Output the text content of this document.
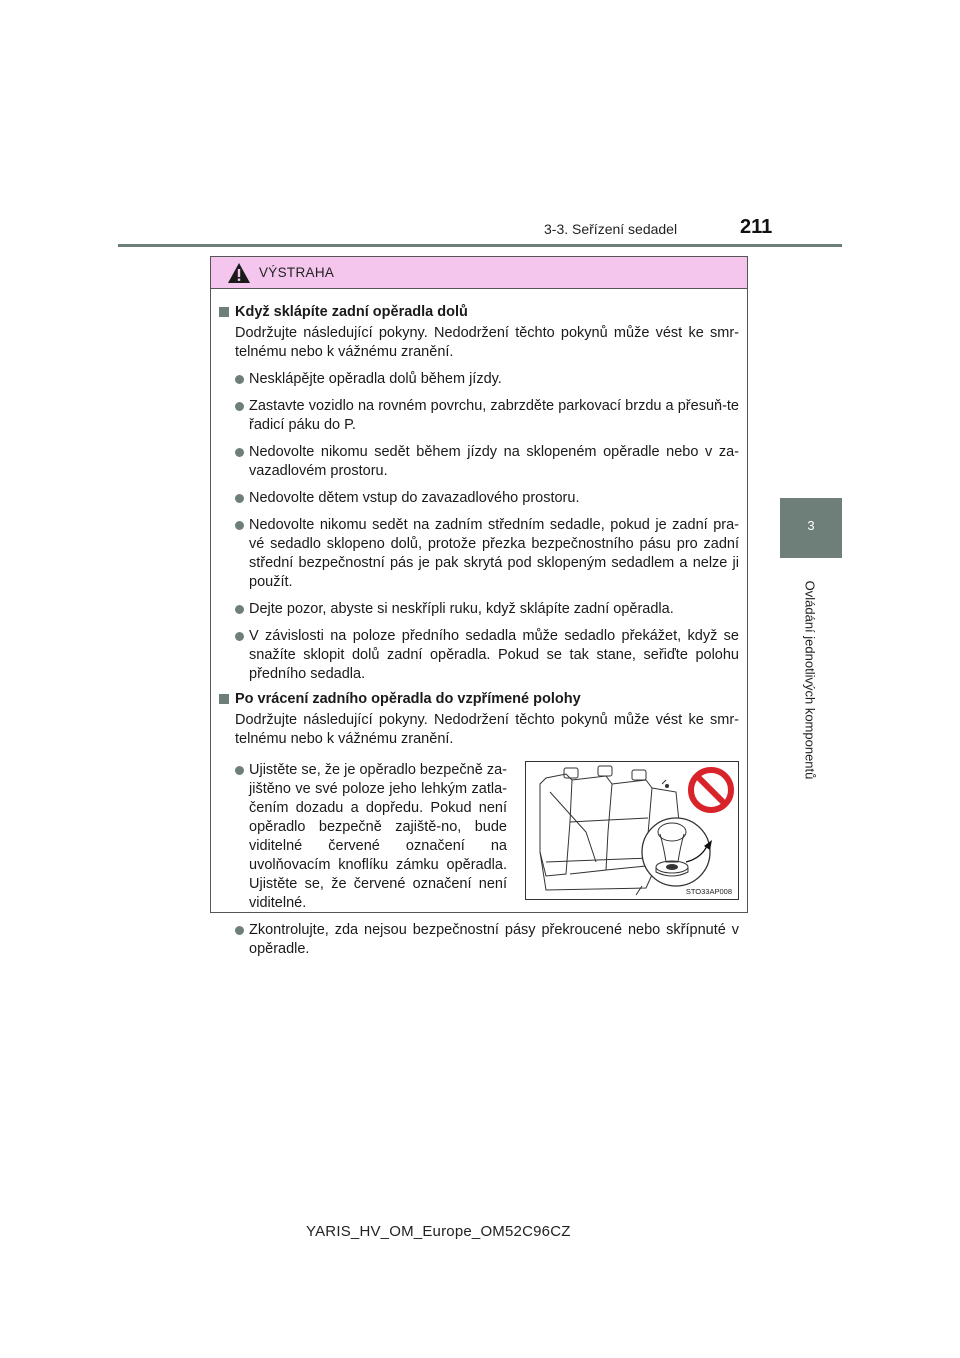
3-3. Seřízení sedadel	211
3
Ovládání jednotlivých komponentů
VÝSTRAHA
Když sklápíte zadní opěradla dolů
Dodržujte následující pokyny. Nedodržení těchto pokynů může vést ke smr-telnému nebo k vážnému zranění.
Nesklápějte opěradla dolů během jízdy.
Zastavte vozidlo na rovném povrchu, zabrzděte parkovací brzdu a přesuň-te řadicí páku do P.
Nedovolte nikomu sedět během jízdy na sklopeném opěradle nebo v za-vazadlovém prostoru.
Nedovolte dětem vstup do zavazadlového prostoru.
Nedovolte nikomu sedět na zadním středním sedadle, pokud je zadní pra-vé sedadlo sklopeno dolů, protože přezka bezpečnostního pásu pro zadní střední bezpečnostní pás je pak skrytá pod sklopeným sedadlem a nelze ji použít.
Dejte pozor, abyste si neskřípli ruku, když sklápíte zadní opěradla.
V závislosti na poloze předního sedadla může sedadlo překážet, když se snažíte sklopit dolů zadní opěradla. Pokud se tak stane, seřiďte polohu předního sedadla.
Po vrácení zadního opěradla do vzpřímené polohy
Dodržujte následující pokyny. Nedodržení těchto pokynů může vést ke smr-telnému nebo k vážnému zranění.
Ujistěte se, že je opěradlo bezpečně za-jištěno ve své poloze jeho lehkým zatla-čením dozadu a dopředu. Pokud není opěradlo bezpečně zajiště-no, bude viditelné červené označení na uvolňovacím knoflíku zámku opěradla. Ujistěte se, že červené označení není viditelné.
STO33AP008
Zkontrolujte, zda nejsou bezpečnostní pásy překroucené nebo skřípnuté v opěradle.
YARIS_HV_OM_Europe_OM52C96CZ
